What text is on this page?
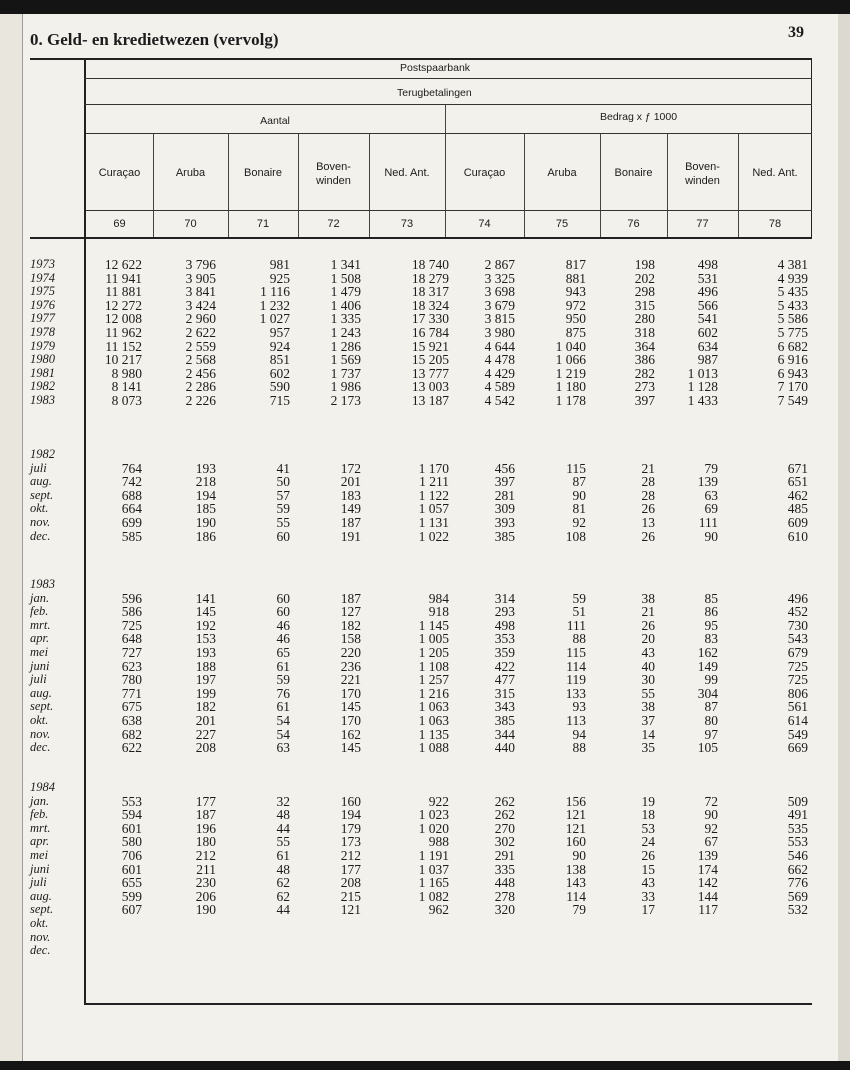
0. Geld- en kredietwezen (vervolg)	39
Postspaarbank
Terugbetalingen
Aantal	Bedrag x ƒ 1000
Curaçao
69
Aruba
70
Bonaire
71
Boven-
winden
72
Ned. Ant.
73
Curaçao
74
Aruba
75
Bonaire
76
Boven-
winden
77
Ned. Ant.
78
1973
1974
1975
1976
1977
1978
1979
1980
1981
1982
1983
12 622
11 941
11 881
12 272
12 008
11 962
11 152
10 217
8 980
8 141
8 073
3 796
3 905
3 841
3 424
2 960
2 622
2 559
2 568
2 456
2 286
2 226
981
925
1 116
1 232
1 027
957
924
851
602
590
715
1 341
1 508
1 479
1 406
1 335
1 243
1 286
1 569
1 737
1 986
2 173
18 740
18 279
18 317
18 324
17 330
16 784
15 921
15 205
13 777
13 003
13 187
2 867
3 325
3 698
3 679
3 815
3 980
4 644
4 478
4 429
4 589
4 542
817
881
943
972
950
875
1 040
1 066
1 219
1 180
1 178
198
202
298
315
280
318
364
386
282
273
397
498
531
496
566
541
602
634
987
1 013
1 128
1 433
4 381
4 939
5 435
5 433
5 586
5 775
6 682
6 916
6 943
7 170
7 549
1982
juli
aug.
sept.
okt.
nov.
dec.
764
742
688
664
699
585
193
218
194
185
190
186
41
50
57
59
55
60
172
201
183
149
187
191
1 170
1 211
1 122
1 057
1 131
1 022
456
397
281
309
393
385
115
87
90
81
92
108
21
28
28
26
13
26
79
139
63
69
111
90
671
651
462
485
609
610
1983
jan.
feb.
mrt.
apr.
mei
juni
juli
aug.
sept.
okt.
nov.
dec.
596
586
725
648
727
623
780
771
675
638
682
622
141
145
192
153
193
188
197
199
182
201
227
208
60
60
46
46
65
61
59
76
61
54
54
63
187
127
182
158
220
236
221
170
145
170
162
145
984
918
1 145
1 005
1 205
1 108
1 257
1 216
1 063
1 063
1 135
1 088
314
293
498
353
359
422
477
315
343
385
344
440
59
51
111
88
115
114
119
133
93
113
94
88
38
21
26
20
43
40
30
55
38
37
14
35
85
86
95
83
162
149
99
304
87
80
97
105
496
452
730
543
679
725
725
806
561
614
549
669
1984
jan.
feb.
mrt.
apr.
mei
juni
juli
aug.
sept.
okt.
nov.
dec.
553
594
601
580
706
601
655
599
607
177
187
196
180
212
211
230
206
190
32
48
44
55
61
48
62
62
44
160
194
179
173
212
177
208
215
121
922
1 023
1 020
988
1 191
1 037
1 165
1 082
962
262
262
270
302
291
335
448
278
320
156
121
121
160
90
138
143
114
79
19
18
53
24
26
15
43
33
17
72
90
92
67
139
174
142
144
117
509
491
535
553
546
662
776
569
532
